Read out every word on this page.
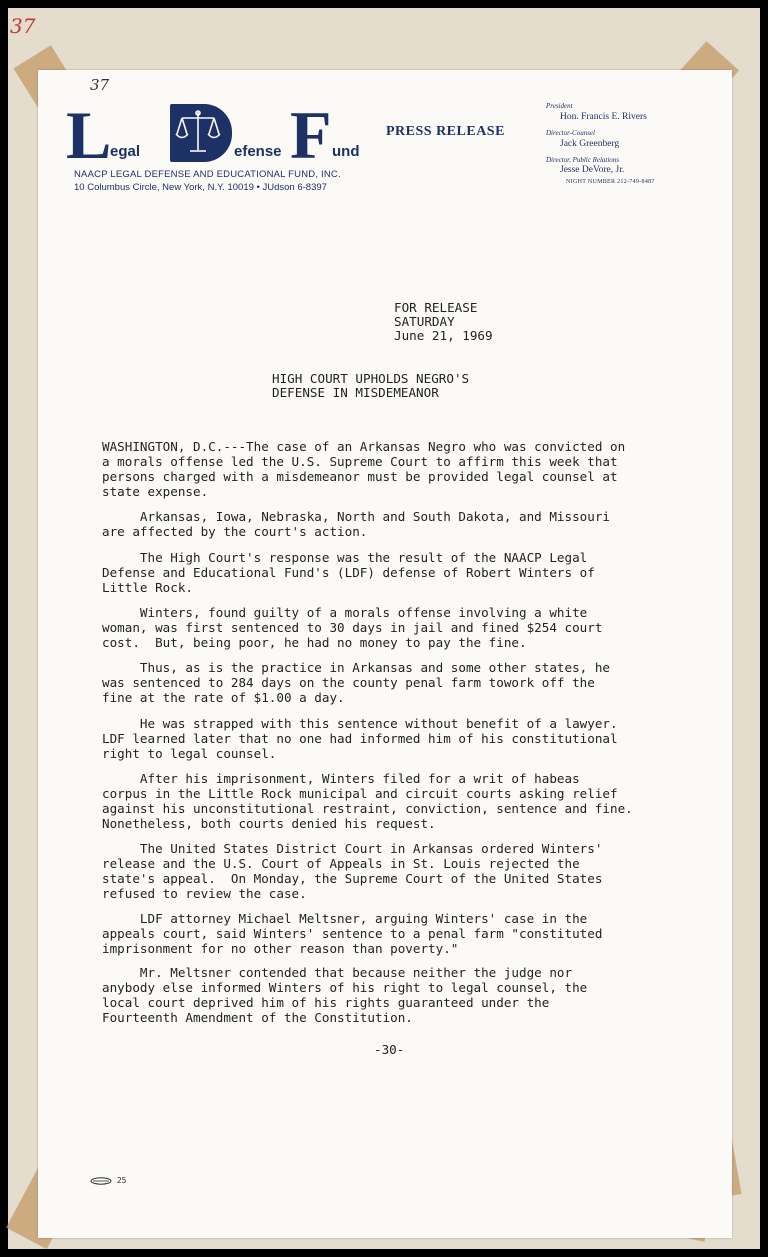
37
37
L egal	efense F und
NAACP LEGAL DEFENSE AND EDUCATIONAL FUND, INC.
10 Columbus Circle, New York, N.Y. 10019 • JUdson 6-8397
PRESS RELEASE
President
Hon. Francis E. Rivers
Director-Counsel
Jack Greenberg
Director, Public Relations
Jesse DeVore, Jr.
NIGHT NUMBER 212-749-8487
FOR RELEASE
SATURDAY
June 21, 1969
HIGH COURT UPHOLDS NEGRO'S
DEFENSE IN MISDEMEANOR
WASHINGTON, D.C.---The case of an Arkansas Negro who was convicted on
a morals offense led the U.S. Supreme Court to affirm this week that
persons charged with a misdemeanor must be provided legal counsel at
state expense.
Arkansas, Iowa, Nebraska, North and South Dakota, and Missouri
are affected by the court's action.
The High Court's response was the result of the NAACP Legal
Defense and Educational Fund's (LDF) defense of Robert Winters of
Little Rock.
Winters, found guilty of a morals offense involving a white
woman, was first sentenced to 30 days in jail and fined $254 court
cost.  But, being poor, he had no money to pay the fine.
Thus, as is the practice in Arkansas and some other states, he
was sentenced to 284 days on the county penal farm towork off the
fine at the rate of $1.00 a day.
He was strapped with this sentence without benefit of a lawyer.
LDF learned later that no one had informed him of his constitutional
right to legal counsel.
After his imprisonment, Winters filed for a writ of habeas
corpus in the Little Rock municipal and circuit courts asking relief
against his unconstitutional restraint, conviction, sentence and fine.
Nonetheless, both courts denied his request.
The United States District Court in Arkansas ordered Winters'
release and the U.S. Court of Appeals in St. Louis rejected the
state's appeal.  On Monday, the Supreme Court of the United States
refused to review the case.
LDF attorney Michael Meltsner, arguing Winters' case in the
appeals court, said Winters' sentence to a penal farm "constituted
imprisonment for no other reason than poverty."
Mr. Meltsner contended that because neither the judge nor
anybody else informed Winters of his right to legal counsel, the
local court deprived him of his rights guaranteed under the
Fourteenth Amendment of the Constitution.
-30-
25
